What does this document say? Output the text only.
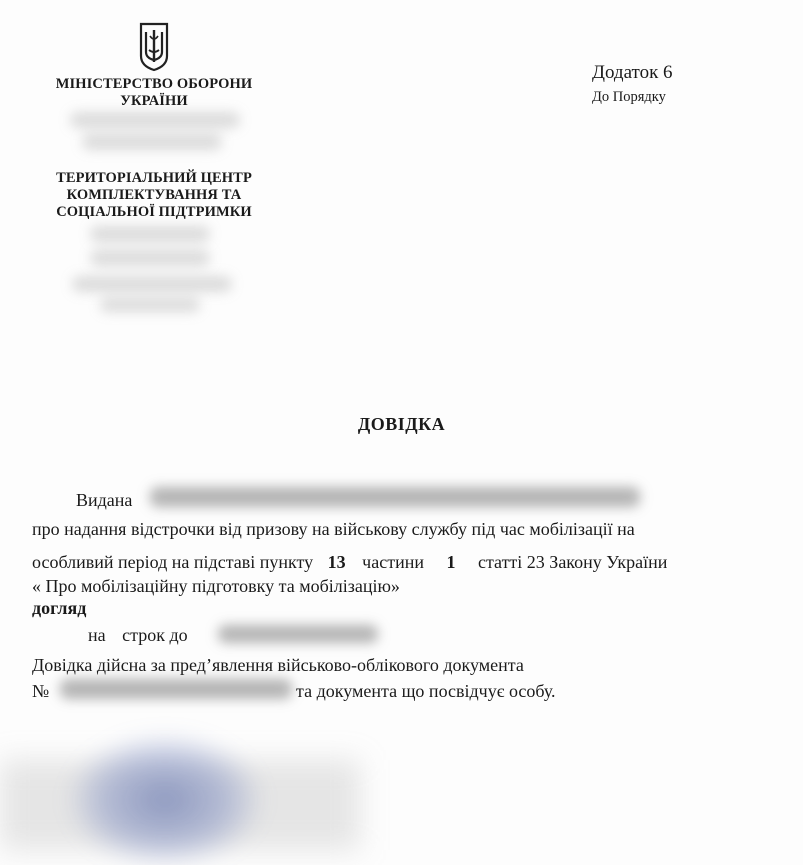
МІНІСТЕРСТВО ОБОРОНИ
УКРАЇНИ
ТЕРИТОРІАЛЬНИЙ ЦЕНТР
КОМПЛЕКТУВАННЯ ТА
СОЦІАЛЬНОЇ ПІДТРИМКИ
Додаток 6
До Порядку
ДОВІДКА
Видана
про надання відстрочки від призову на військову службу під час мобілізації на
особливий період на підставі пункту 13 частини 1 статті 23 Закону України
« Про мобілізаційну підготовку та мобілізацію»
догляд
на строк до
Довідка дійсна за пред’явлення військово-облікового документа
№	та документа що посвідчує особу.
